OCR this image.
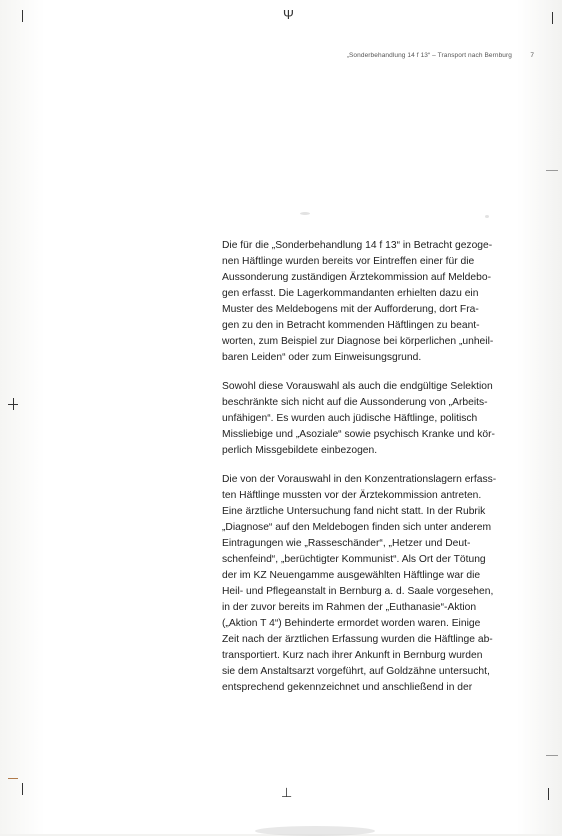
Ψ
⊥
„Sonderbehandlung 14 f 13“ – Transport nach Bernburg	7

Die für die „Sonderbehandlung 14 f 13“ in Betracht gezoge-
nen Häftlinge wurden bereits vor Eintreffen einer für die
Aussonderung zuständigen Ärztekommission auf Meldebo-
gen erfasst. Die Lagerkommandanten erhielten dazu ein
Muster des Meldebogens mit der Aufforderung, dort Fra-
gen zu den in Betracht kommenden Häftlingen zu beant-
worten, zum Beispiel zur Diagnose bei körperlichen „unheil-
baren Leiden“ oder zum Einweisungsgrund.

Sowohl diese Vorauswahl als auch die endgültige Selektion
beschränkte sich nicht auf die Aussonderung von „Arbeits-
unfähigen“. Es wurden auch jüdische Häftlinge, politisch
Missliebige und „Asoziale“ sowie psychisch Kranke und kör-
perlich Missgebildete einbezogen.

Die von der Vorauswahl in den Konzentrationslagern erfass-
ten Häftlinge mussten vor der Ärztekommission antreten.
Eine ärztliche Untersuchung fand nicht statt. In der Rubrik
„Diagnose“ auf den Meldebogen finden sich unter anderem
Eintragungen wie „Rasseschänder“, „Hetzer und Deut-
schenfeind“, „berüchtigter Kommunist“. Als Ort der Tötung
der im KZ Neuengamme ausgewählten Häftlinge war die
Heil- und Pflegeanstalt in Bernburg a. d. Saale vorgesehen,
in der zuvor bereits im Rahmen der „Euthanasie“-Aktion
(„Aktion T 4“) Behinderte ermordet worden waren. Einige
Zeit nach der ärztlichen Erfassung wurden die Häftlinge ab-
transportiert. Kurz nach ihrer Ankunft in Bernburg wurden
sie dem Anstaltsarzt vorgeführt, auf Goldzähne untersucht,
entsprechend gekennzeichnet und anschließend in der
